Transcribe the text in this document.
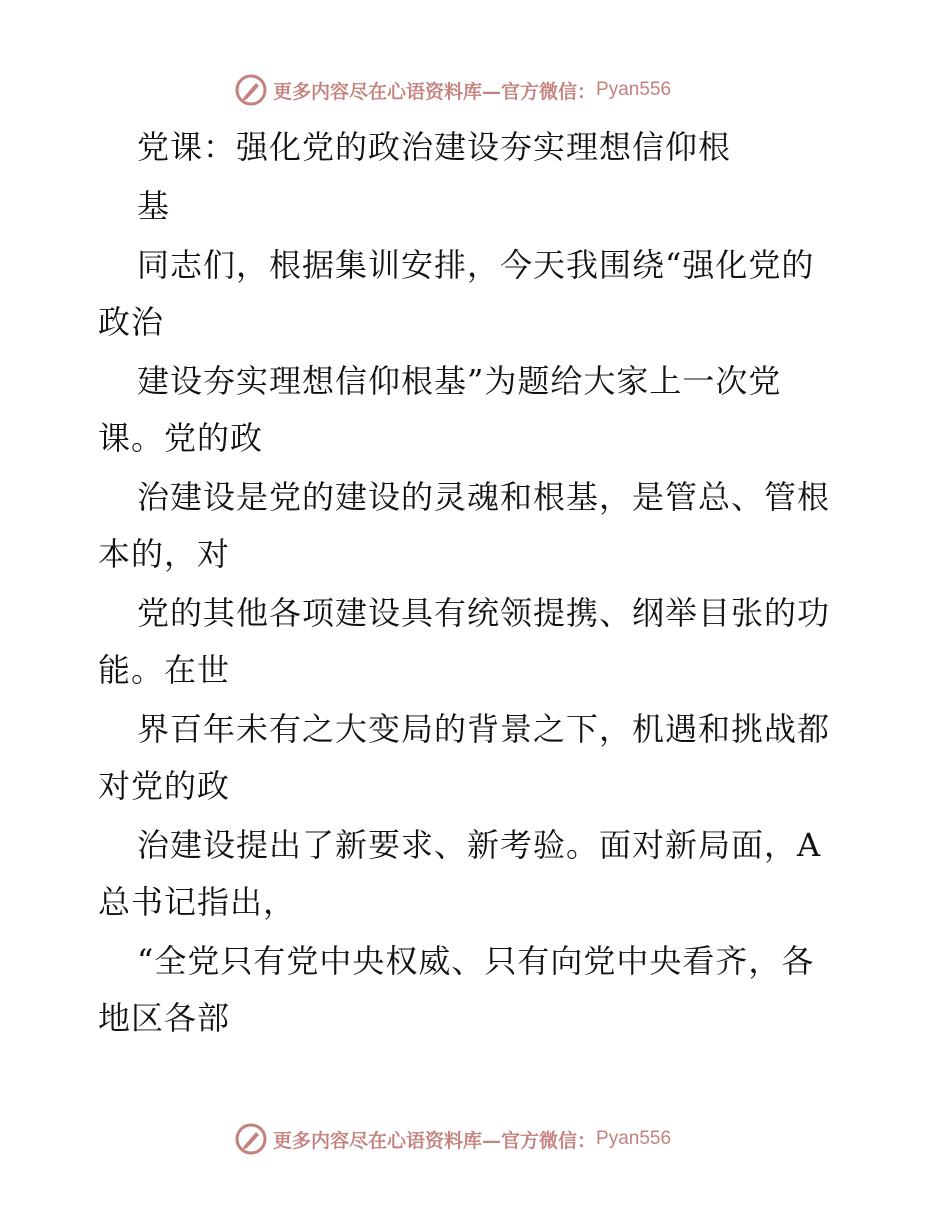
更多内容尽在心语资料库—官方微信： Pyan556
党课：强化党的政治建设夯实理想信仰根
基
同志们，根据集训安排，今天我围绕“强化党的
政治
建设夯实理想信仰根基”为题给大家上一次党
课。党的政
治建设是党的建设的灵魂和根基，是管总、管根
本的，对
党的其他各项建设具有统领提携、纲举目张的功
能。在世
界百年未有之大变局的背景之下，机遇和挑战都
对党的政
治建设提出了新要求、新考验。面对新局面，A
总书记指出，
“全党只有党中央权威、只有向党中央看齐，各
地区各部
更多内容尽在心语资料库—官方微信： Pyan556
